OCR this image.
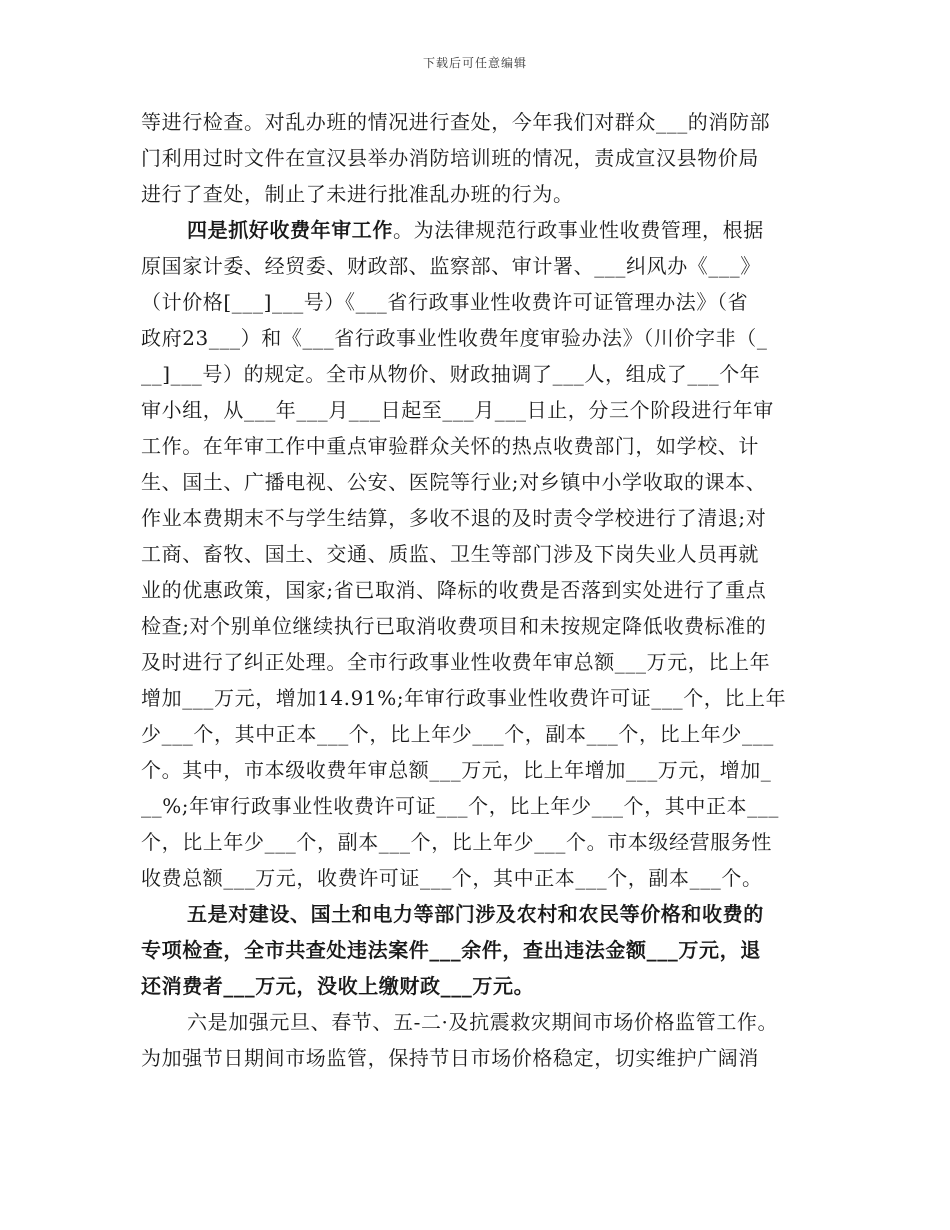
下载后可任意编辑
等进行检查。对乱办班的情况进行查处，今年我们对群众___的消防部
门利用过时文件在宣汉县举办消防培训班的情况，责成宣汉县物价局
进行了查处，制止了未进行批准乱办班的行为。
四是抓好收费年审工作。为法律规范行政事业性收费管理，根据
原国家计委、经贸委、财政部、监察部、审计署、___纠风办《___》
（计价格[___]___号）《___省行政事业性收费许可证管理办法》（省
政府23___）和《___省行政事业性收费年度审验办法》（川价字非（_
__]___号）的规定。全市从物价、财政抽调了___人，组成了___个年
审小组，从___年___月___日起至___月___日止，分三个阶段进行年审
工作。在年审工作中重点审验群众关怀的热点收费部门，如学校、计
生、国土、广播电视、公安、医院等行业;对乡镇中小学收取的课本、
作业本费期末不与学生结算，多收不退的及时责令学校进行了清退;对
工商、畜牧、国土、交通、质监、卫生等部门涉及下岗失业人员再就
业的优惠政策，国家;省已取消、降标的收费是否落到实处进行了重点
检查;对个别单位继续执行已取消收费项目和未按规定降低收费标准的
及时进行了纠正处理。全市行政事业性收费年审总额___万元，比上年
增加___万元，增加14.91%;年审行政事业性收费许可证___个，比上年
少___个，其中正本___个，比上年少___个，副本___个，比上年少___
个。其中，市本级收费年审总额___万元，比上年增加___万元，增加_
__%;年审行政事业性收费许可证___个，比上年少___个，其中正本___
个，比上年少___个，副本___个，比上年少___个。市本级经营服务性
收费总额___万元，收费许可证___个，其中正本___个，副本___个。
五是对建设、国土和电力等部门涉及农村和农民等价格和收费的
专项检查，全市共查处违法案件___余件，查出违法金额___万元，退
还消费者___万元，没收上缴财政___万元。
六是加强元旦、春节、五-二·及抗震救灾期间市场价格监管工作。
为加强节日期间市场监管，保持节日市场价格稳定，切实维护广阔消
